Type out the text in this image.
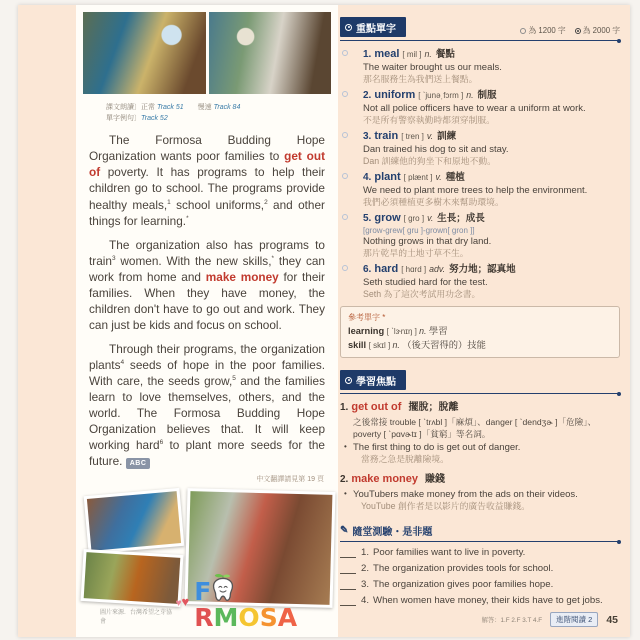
課文朗讀〕正常 Track 51 慢速 Track 84
單字例句〕Track 52
The Formosa Budding Hope Organization wants poor families to get out of poverty. It has programs to help their children go to school. The programs provide healthy meals,$^1$ school uniforms,$^2$ and other things for learning.*
The organization also has programs to train$^3$ women. With the new skills,* they can work from home and make money for their families. When they have money, the children don't have to go out and work. They can just be kids and focus on school.
Through their programs, the organization plants$^4$ seeds of hope in the poor families. With care, the seeds grow,$^5$ and the families learn to love themselves, others, and the world. The Formosa Budding Hope Organization believes that. It will keep working hard$^6$ to plant more seeds for the future. ABC
中文翻譯請見第 19 頁
圖片來源．台灣希望之芽協會
♥♥ FRMOSA
重點單字	為 1200 字 為 2000 字
1. meal [ mil ] n. 餐點
The waiter brought us our meals.
那名服務生為我們送上餐點。
2. uniform [ ˋjunəˌfɔrm ] n. 制服
Not all police officers have to wear a uniform at work.
不是所有警察執勤時都須穿制服。
3. train [ tren ] v. 訓練
Dan trained his dog to sit and stay.
Dan 訓練他的狗坐下和原地不動。
4. plant [ plænt ] v. 種植
We need to plant more trees to help the environment.
我們必須種植更多樹木來幫助環境。
5. grow [ gro ] v. 生長；成長
[grow-grew[ gru ]-grown[ gron ]]
Nothing grows in that dry land.
那片乾旱的土地寸草不生。
6. hard [ hɑrd ] adv. 努力地；認真地
Seth studied hard for the test.
Seth 為了這次考試用功念書。
參考單字 *
learning [ ˋlɝnɪŋ ] n. 學習
skill [ skɪl ] n. （後天習得的）技能
學習焦點
1. get out of 擺脫；脫離
之後常接 trouble [ ˋtrʌbl ]「麻煩」、danger [ ˋdendʒɚ ]「危險」、poverty [ ˋpɑvɚtɪ ]「貧窮」等名詞。
• The first thing to do is get out of danger.
當務之急是脫離險境。
2. make money 賺錢
• YouTubers make money from the ads on their videos.
YouTube 創作者是以影片的廣告收益賺錢。
✎ 隨堂測驗・是非題
1. Poor families want to live in poverty.
2. The organization provides tools for school.
3. The organization gives poor families hope.
4. When women have money, their kids have to get jobs.
解答：1.F 2.F 3.T 4.F	進階閱讀 2	45
